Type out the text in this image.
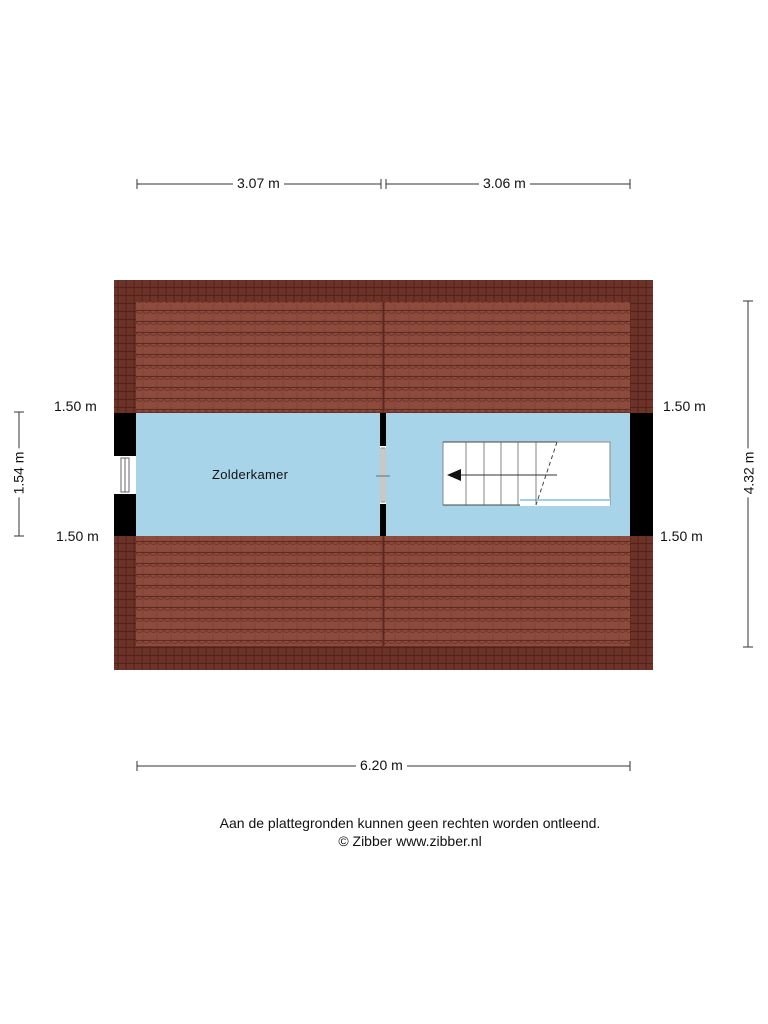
3.07 m	3.06 m
6.20 m
1.54 m	4.32 m
1.50 m
1.50 m
1.50 m
1.50 m
Zolderkamer
Aan de plattegronden kunnen geen rechten worden ontleend.
© Zibber www.zibber.nl
